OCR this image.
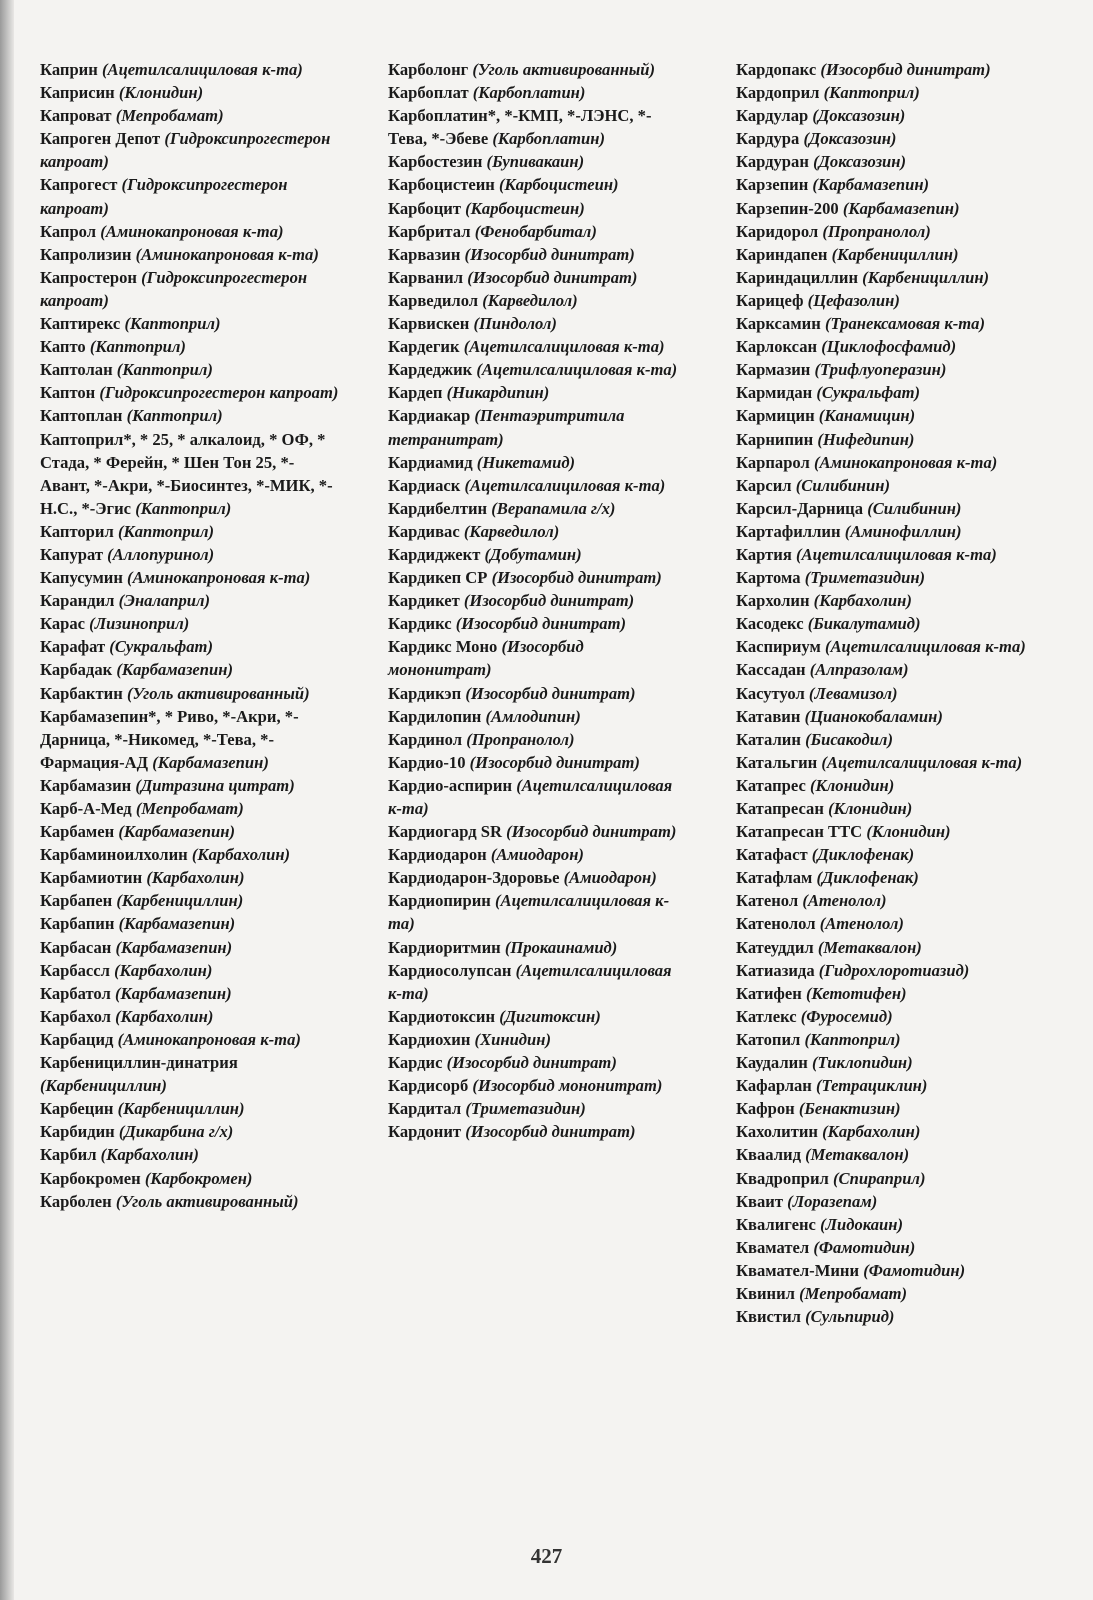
Каприн (Ацетилсалициловая к-та)

Каприсин (Клонидин)

Капроват (Мепробамат)

Капроген Депот (Гидроксипрогестерон капроат)

Капрогест (Гидроксипрогестерон капроат)

Капрол (Аминокапроновая к-та)

Капролизин (Аминокапроновая к-та)

Капростерон (Гидроксипрогестерон капроат)

Каптирекс (Каптоприл)

Капто (Каптоприл)

Каптолан (Каптоприл)

Каптон (Гидроксипрогестерон капроат)

Каптоплан (Каптоприл)

Каптоприл*, * 25, * алкалоид, * ОФ, * Стада, * Ферейн, * Шен Тон 25, *-Авант, *-Акри, *-Биосинтез, *-МИК, *-Н.С., *-Эгис (Каптоприл)

Капторил (Каптоприл)

Капурат (Аллопуринол)

Капусумин (Аминокапроновая к-та)

Карандил (Эналаприл)

Карас (Лизиноприл)

Карафат (Сукральфат)

Карбадак (Карбамазепин)

Карбактин (Уголь активированный)

Карбамазепин*, * Риво, *-Акри, *-Дарница, *-Никомед, *-Тева, *-Фармация-АД (Карбамазепин)

Карбамазин (Дитразина цитрат)

Карб-А-Мед (Мепробамат)

Карбамен (Карбамазепин)

Карбаминоилхолин (Карбахолин)

Карбамиотин (Карбахолин)

Карбапен (Карбенициллин)

Карбапин (Карбамазепин)

Карбасан (Карбамазепин)

Карбассл (Карбахолин)

Карбатол (Карбамазепин)

Карбахол (Карбахолин)

Карбацид (Аминокапроновая к-та)

Карбенициллин-динатрия (Карбенициллин)

Карбецин (Карбенициллин)

Карбидин (Дикарбина г/х)

Карбил (Карбахолин)

Карбокромен (Карбокромен)

Карболен (Уголь активированный)

Карболонг (Уголь активированный)

Карбоплат (Карбоплатин)

Карбоплатин*, *-КМП, *-ЛЭНС, *-Тева, *-Эбеве (Карбоплатин)

Карбостезин (Бупивакаин)

Карбоцистеин (Карбоцистеин)

Карбоцит (Карбоцистеин)

Карбритал (Фенобарбитал)

Карвазин (Изосорбид динитрат)

Карванил (Изосорбид динитрат)

Карведилол (Карведилол)

Карвискен (Пиндолол)

Кардегик (Ацетилсалициловая к-та)

Кардеджик (Ацетилсалициловая к-та)

Кардеп (Никардипин)

Кардиакар (Пентаэритритила тетранитрат)

Кардиамид (Никетамид)

Кардиаск (Ацетилсалициловая к-та)

Кардибелтин (Верапамила г/х)

Кардивас (Карведилол)

Кардиджект (Добутамин)

Кардикеп СР (Изосорбид динитрат)

Кардикет (Изосорбид динитрат)

Кардикс (Изосорбид динитрат)

Кардикс Моно (Изосорбид мононитрат)

Кардикэп (Изосорбид динитрат)

Кардилопин (Амлодипин)

Кардинол (Пропранолол)

Кардио-10 (Изосорбид динитрат)

Кардио-аспирин (Ацетилсалициловая к-та)

Кардиогард SR (Изосорбид динитрат)

Кардиодарон (Амиодарон)

Кардиодарон-Здоровье (Амиодарон)

Кардиопирин (Ацетилсалициловая к-та)

Кардиоритмин (Прокаинамид)

Кардиосолупсан (Ацетилсалициловая к-та)

Кардиотоксин (Дигитоксин)

Кардиохин (Хинидин)

Кардис (Изосорбид динитрат)

Кардисорб (Изосорбид мононитрат)

Кардитал (Триметазидин)

Кардонит (Изосорбид динитрат)

Кардопакс (Изосорбид динитрат)

Кардоприл (Каптоприл)

Кардулар (Доксазозин)

Кардура (Доксазозин)

Кардуран (Доксазозин)

Карзепин (Карбамазепин)

Карзепин-200 (Карбамазепин)

Каридорол (Пропранолол)

Кариндапен (Карбенициллин)

Кариндациллин (Карбенициллин)

Карицеф (Цефазолин)

Карксамин (Транексамовая к-та)

Карлоксан (Циклофосфамид)

Кармазин (Трифлуоперазин)

Кармидан (Сукральфат)

Кармицин (Канамицин)

Карнипин (Нифедипин)

Карпарол (Аминокапроновая к-та)

Карсил (Силибинин)

Карсил-Дарница (Силибинин)

Картафиллин (Аминофиллин)

Картия (Ацетилсалициловая к-та)

Картома (Триметазидин)

Кархолин (Карбахолин)

Касодекс (Бикалутамид)

Каспириум (Ацетилсалициловая к-та)

Кассадан (Алпразолам)

Касутуол (Левамизол)

Катавин (Цианокобаламин)

Каталин (Бисакодил)

Катальгин (Ацетилсалициловая к-та)

Катапрес (Клонидин)

Катапресан (Клонидин)

Катапресан ТТС (Клонидин)

Катафаст (Диклофенак)

Катафлам (Диклофенак)

Катенол (Атенолол)

Катенолол (Атенолол)

Катеуддил (Метаквалон)

Катиазида (Гидрохлоротиазид)

Катифен (Кетотифен)

Катлекс (Фуросемид)

Катопил (Каптоприл)

Каудалин (Тиклопидин)

Кафарлан (Тетрациклин)

Кафрон (Бенактизин)

Кахолитин (Карбахолин)

Кваалид (Метаквалон)

Квадроприл (Спираприл)

Кваит (Лоразепам)

Квалигенс (Лидокаин)

Квамател (Фамотидин)

Квамател-Мини (Фамотидин)

Квинил (Мепробамат)

Квистил (Сульпирид)

427
